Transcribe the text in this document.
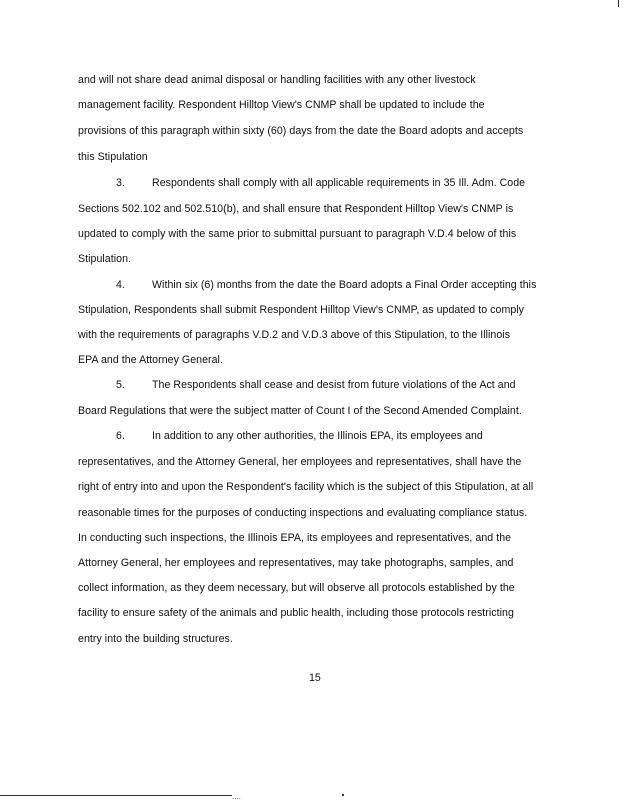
and will not share dead animal disposal or handling facilities with any other livestock
management facility. Respondent Hilltop View's CNMP shall be updated to include the
provisions of this paragraph within sixty (60) days from the date the Board adopts and accepts
this Stipulation
3.	Respondents shall comply with all applicable requirements in 35 Ill. Adm. Code
Sections 502.102 and 502.510(b), and shall ensure that Respondent Hilltop View's CNMP is
updated to comply with the same prior to submittal pursuant to paragraph V.D.4 below of this
Stipulation.
4.	Within six (6) months from the date the Board adopts a Final Order accepting this
Stipulation, Respondents shall submit Respondent Hilltop View's CNMP, as updated to comply
with the requirements of paragraphs V.D.2 and V.D.3 above of this Stipulation, to the Illinois
EPA and the Attorney General.
5.	The Respondents shall cease and desist from future violations of the Act and
Board Regulations that were the subject matter of Count I of the Second Amended Complaint.
6.	In addition to any other authorities, the Illinois EPA, its employees and
representatives, and the Attorney General, her employees and representatives, shall have the
right of entry into and upon the Respondent's facility which is the subject of this Stipulation, at all
reasonable times for the purposes of conducting inspections and evaluating compliance status.
In conducting such inspections, the Illinois EPA, its employees and representatives, and the
Attorney General, her employees and representatives, may take photographs, samples, and
collect information, as they deem necessary, but will observe all protocols established by the
facility to ensure safety of the animals and public health, including those protocols restricting
entry into the building structures.
15
....
